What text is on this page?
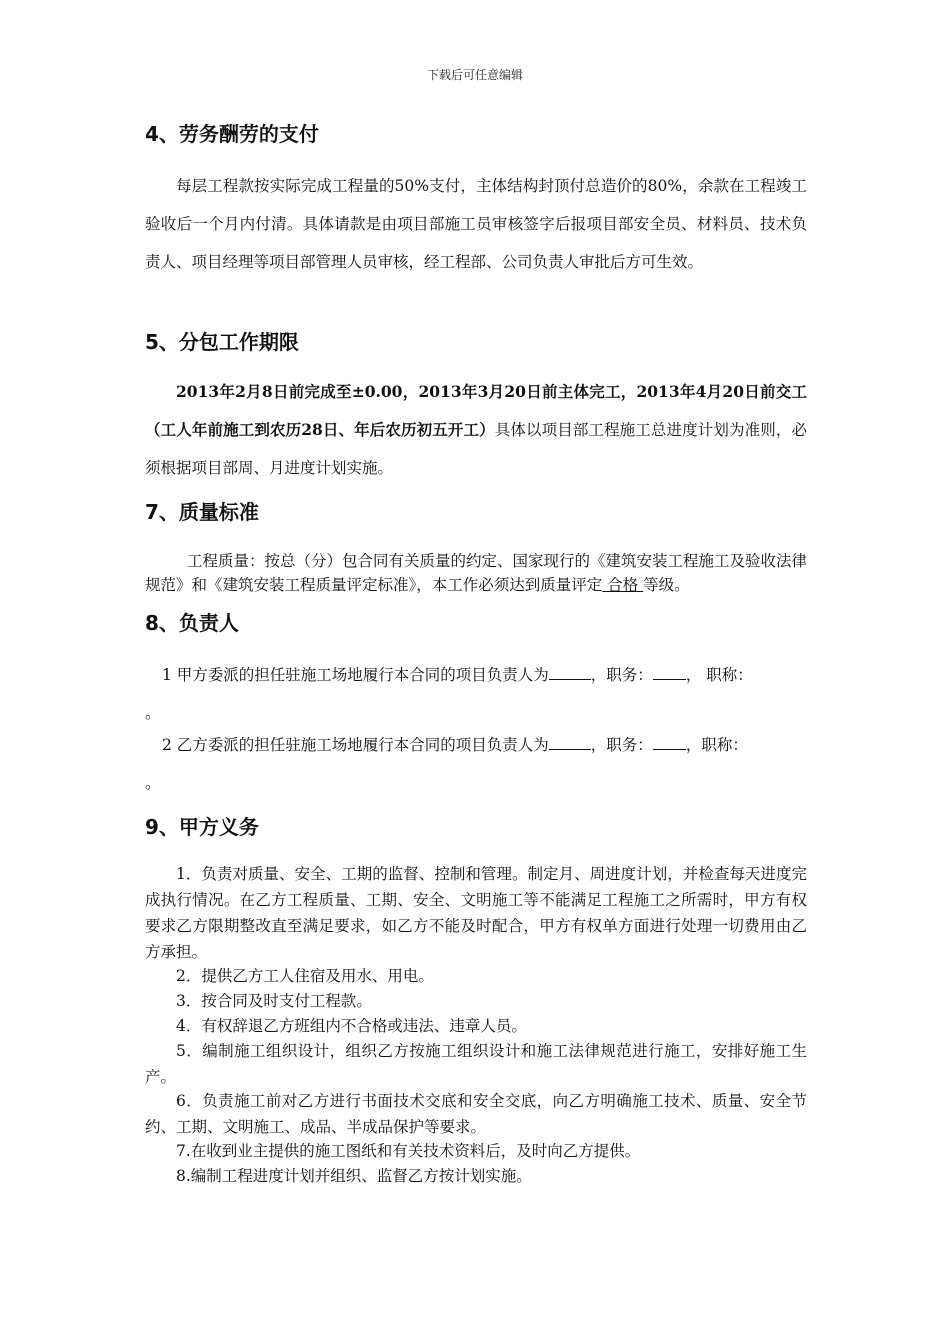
下载后可任意编辑
4、劳务酬劳的支付
每层工程款按实际完成工程量的50%支付，主体结构封顶付总造价的80%，余款在工程竣工验收后一个月内付清。具体请款是由项目部施工员审核签字后报项目部安全员、材料员、技术负责人、项目经理等项目部管理人员审核，经工程部、公司负责人审批后方可生效。
5、分包工作期限
2013年2月8日前完成至±0.00，2013年3月20日前主体完工，2013年4月20日前交工（工人年前施工到农历28日、年后农历初五开工）具体以项目部工程施工总进度计划为准则，必须根据项目部周、月进度计划实施。
7、质量标准
工程质量：按总（分）包合同有关质量的约定、国家现行的《建筑安装工程施工及验收法律规范》和《建筑安装工程质量评定标准》，本工作必须达到质量评定 合格 等级。
8、负责人
1 甲方委派的担任驻施工场地履行本合同的项目负责人为	，职务： ， 职称：
。
2 乙方委派的担任驻施工场地履行本合同的项目负责人为	，职务： ，职称：
。
9、甲方义务
1．负责对质量、安全、工期的监督、控制和管理。制定月、周进度计划，并检查每天进度完成执行情况。在乙方工程质量、工期、安全、文明施工等不能满足工程施工之所需时，甲方有权要求乙方限期整改直至满足要求，如乙方不能及时配合，甲方有权单方面进行处理一切费用由乙方承担。
2．提供乙方工人住宿及用水、用电。
3．按合同及时支付工程款。
4．有权辞退乙方班组内不合格或违法、违章人员。
5．编制施工组织设计，组织乙方按施工组织设计和施工法律规范进行施工，安排好施工生产。
6．负责施工前对乙方进行书面技术交底和安全交底，向乙方明确施工技术、质量、安全节约、工期、文明施工、成品、半成品保护等要求。
7.在收到业主提供的施工图纸和有关技术资料后，及时向乙方提供。
8.编制工程进度计划并组织、监督乙方按计划实施。
